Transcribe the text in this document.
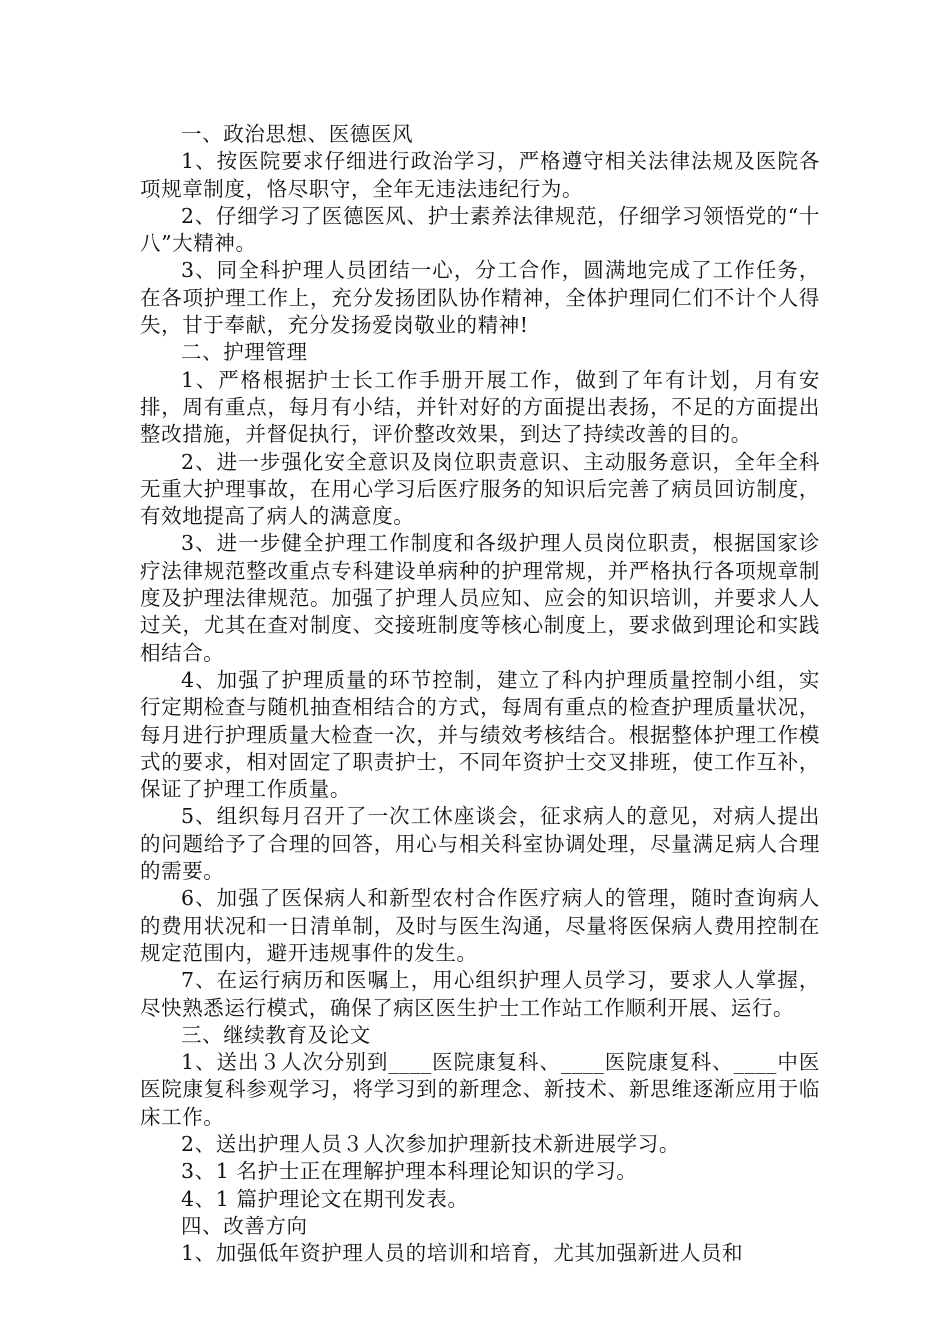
一、政治思想、医德医风

1、按医院要求仔细进行政治学习，严格遵守相关法律法规及医院各项规章制度，恪尽职守，全年无违法违纪行为。

2、仔细学习了医德医风、护士素养法律规范，仔细学习领悟党的“十八”大精神。

3、同全科护理人员团结一心，分工合作，圆满地完成了工作任务，在各项护理工作上，充分发扬团队协作精神，全体护理同仁们不计个人得失，甘于奉献，充分发扬爱岗敬业的精神!

二、护理管理

1、严格根据护士长工作手册开展工作，做到了年有计划，月有安排，周有重点，每月有小结，并针对好的方面提出表扬，不足的方面提出整改措施，并督促执行，评价整改效果，到达了持续改善的目的。

2、进一步强化安全意识及岗位职责意识、主动服务意识，全年全科无重大护理事故，在用心学习后医疗服务的知识后完善了病员回访制度，有效地提高了病人的满意度。

3、进一步健全护理工作制度和各级护理人员岗位职责，根据国家诊疗法律规范整改重点专科建设单病种的护理常规，并严格执行各项规章制度及护理法律规范。加强了护理人员应知、应会的知识培训，并要求人人过关，尤其在查对制度、交接班制度等核心制度上，要求做到理论和实践相结合。

4、加强了护理质量的环节控制，建立了科内护理质量控制小组，实行定期检查与随机抽查相结合的方式，每周有重点的检查护理质量状况，每月进行护理质量大检查一次，并与绩效考核结合。根据整体护理工作模式的要求，相对固定了职责护士，不同年资护士交叉排班，使工作互补，保证了护理工作质量。

5、组织每月召开了一次工休座谈会，征求病人的意见，对病人提出的问题给予了合理的回答，用心与相关科室协调处理，尽量满足病人合理的需要。

6、加强了医保病人和新型农村合作医疗病人的管理，随时查询病人的费用状况和一日清单制，及时与医生沟通，尽量将医保病人费用控制在规定范围内，避开违规事件的发生。

7、在运行病历和医嘱上，用心组织护理人员学习，要求人人掌握，尽快熟悉运行模式，确保了病区医生护士工作站工作顺利开展、运行。

三、继续教育及论文

1、送出３人次分别到____医院康复科、____医院康复科、____中医医院康复科参观学习，将学习到的新理念、新技术、新思维逐渐应用于临床工作。

2、送出护理人员３人次参加护理新技术新进展学习。

3、1 名护士正在理解护理本科理论知识的学习。

4、1 篇护理论文在期刊发表。

四、改善方向

1、加强低年资护理人员的培训和培育，尤其加强新进人员和
